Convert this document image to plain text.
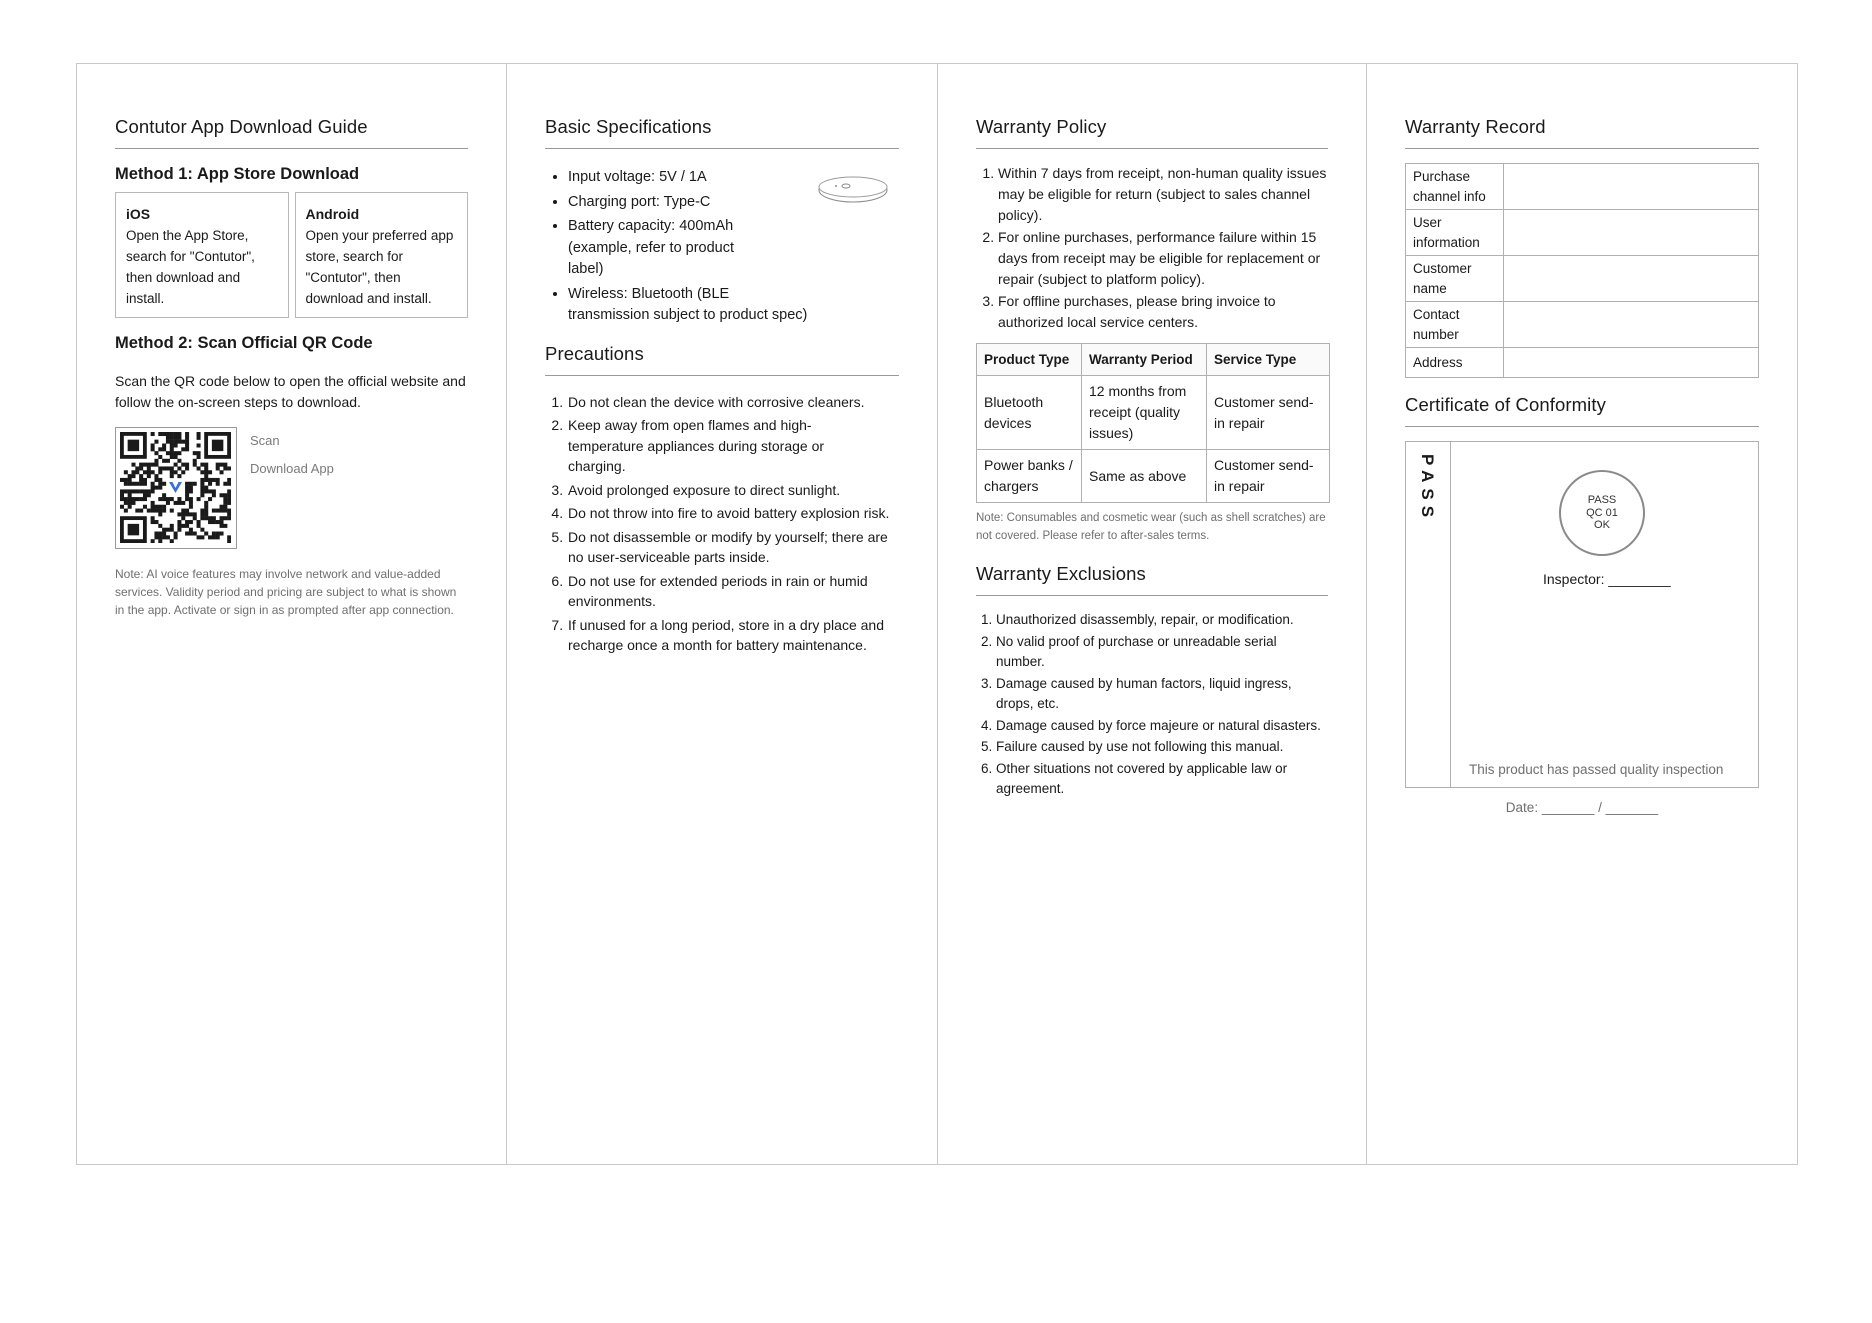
Contutor App Download Guide
Method 1: App Store Download
iOS
Open the App Store, search for "Contutor", then download and install.
Android
Open your preferred app store, search for "Contutor", then download and install.
Method 2: Scan Official QR Code
Scan the QR code below to open the official website and follow the on-screen steps to download.
Scan
Download App
Note: AI voice features may involve network and value-added services. Validity period and pricing are subject to what is shown in the app. Activate or sign in as prompted after app connection.
Basic Specifications
• Input voltage: 5V / 1A
• Charging port: Type-C
• Battery capacity: 400mAh (example, refer to product label)
• Wireless: Bluetooth (BLE transmission subject to product spec)
Precautions
1. Do not clean the device with corrosive cleaners.
2. Keep away from open flames and high-temperature appliances during storage or charging.
3. Avoid prolonged exposure to direct sunlight.
4. Do not throw into fire to avoid battery explosion risk.
5. Do not disassemble or modify by yourself; there are no user-serviceable parts inside.
6. Do not use for extended periods in rain or humid environments.
7. If unused for a long period, store in a dry place and recharge once a month for battery maintenance.
Warranty Policy
1. Within 7 days from receipt, non-human quality issues may be eligible for return (subject to sales channel policy).
2. For online purchases, performance failure within 15 days from receipt may be eligible for replacement or repair (subject to platform policy).
3. For offline purchases, please bring invoice to authorized local service centers.
Product Type	Warranty Period	Service Type
Bluetooth devices	12 months from receipt (quality issues)	Customer send-in repair
Power banks / chargers	Same as above	Customer send-in repair
Note: Consumables and cosmetic wear (such as shell scratches) are not covered. Please refer to after-sales terms.
Warranty Exclusions
1. Unauthorized disassembly, repair, or modification.
2. No valid proof of purchase or unreadable serial number.
3. Damage caused by human factors, liquid ingress, drops, etc.
4. Damage caused by force majeure or natural disasters.
5. Failure caused by use not following this manual.
6. Other situations not covered by applicable law or agreement.
Warranty Record
Purchase channel info	
User information	
Customer name	
Contact number	
Address	
Certificate of Conformity
PASS	PASS
QC 01
OK
Inspector: ________
This product has passed quality inspection
Date: _______ / _______
